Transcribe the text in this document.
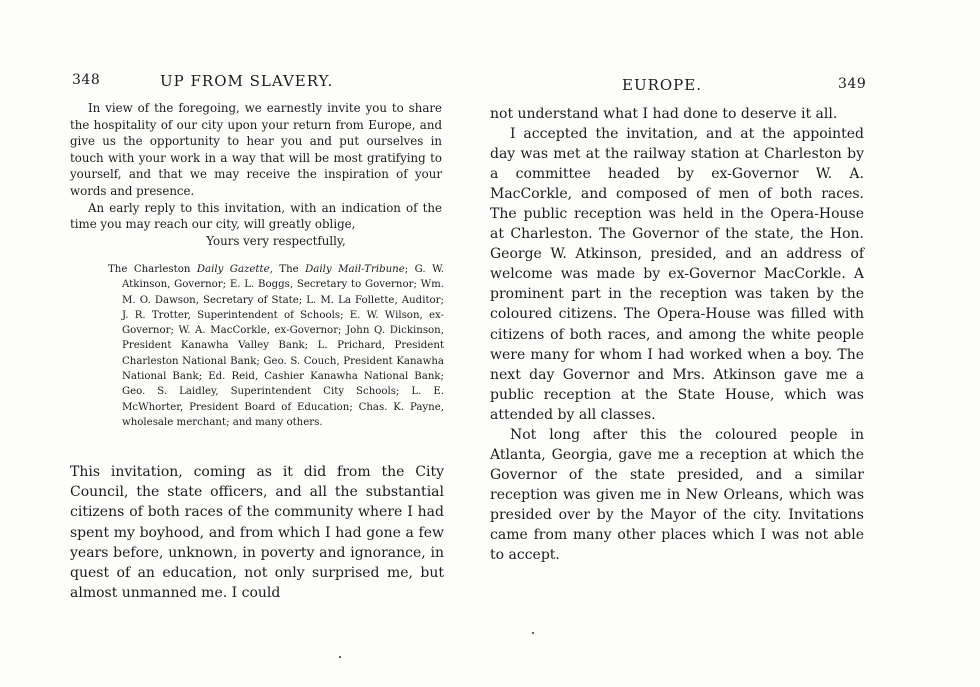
348	UP FROM SLAVERY.

In view of the foregoing, we earnestly invite you to share the hospitality of our city upon your return from Europe, and give us the opportunity to hear you and put ourselves in touch with your work in a way that will be most gratifying to yourself, and that we may receive the inspiration of your words and presence.

An early reply to this invitation, with an indication of the time you may reach our city, will greatly oblige,

Yours very respectfully,

The Charleston Daily Gazette, The Daily Mail-Tribune; G. W. Atkinson, Governor; E. L. Boggs, Secretary to Governor; Wm. M. O. Dawson, Secretary of State; L. M. La Follette, Auditor; J. R. Trotter, Superintendent of Schools; E. W. Wilson, ex-Governor; W. A. MacCorkle, ex-Governor; John Q. Dickinson, President Kanawha Valley Bank; L. Prichard, President Charleston National Bank; Geo. S. Couch, President Kanawha National Bank; Ed. Reid, Cashier Kanawha National Bank; Geo. S. Laidley, Superintendent City Schools; L. E. McWhorter, President Board of Education; Chas. K. Payne, wholesale merchant; and many others.

This invitation, coming as it did from the City Council, the state officers, and all the substantial citizens of both races of the community where I had spent my boyhood, and from which I had gone a few years before, unknown, in poverty and ignorance, in quest of an education, not only surprised me, but almost unmanned me. I could

EUROPE.	349

not understand what I had done to deserve it all.

I accepted the invitation, and at the appointed day was met at the railway station at Charleston by a committee headed by ex-Governor W. A. MacCorkle, and composed of men of both races. The public reception was held in the Opera-House at Charleston. The Governor of the state, the Hon. George W. Atkinson, presided, and an address of welcome was made by ex-Governor MacCorkle. A prominent part in the reception was taken by the coloured citizens. The Opera-House was filled with citizens of both races, and among the white people were many for whom I had worked when a boy. The next day Governor and Mrs. Atkinson gave me a public reception at the State House, which was attended by all classes.

Not long after this the coloured people in Atlanta, Georgia, gave me a reception at which the Governor of the state presided, and a similar reception was given me in New Orleans, which was presided over by the Mayor of the city. Invitations came from many other places which I was not able to accept.
